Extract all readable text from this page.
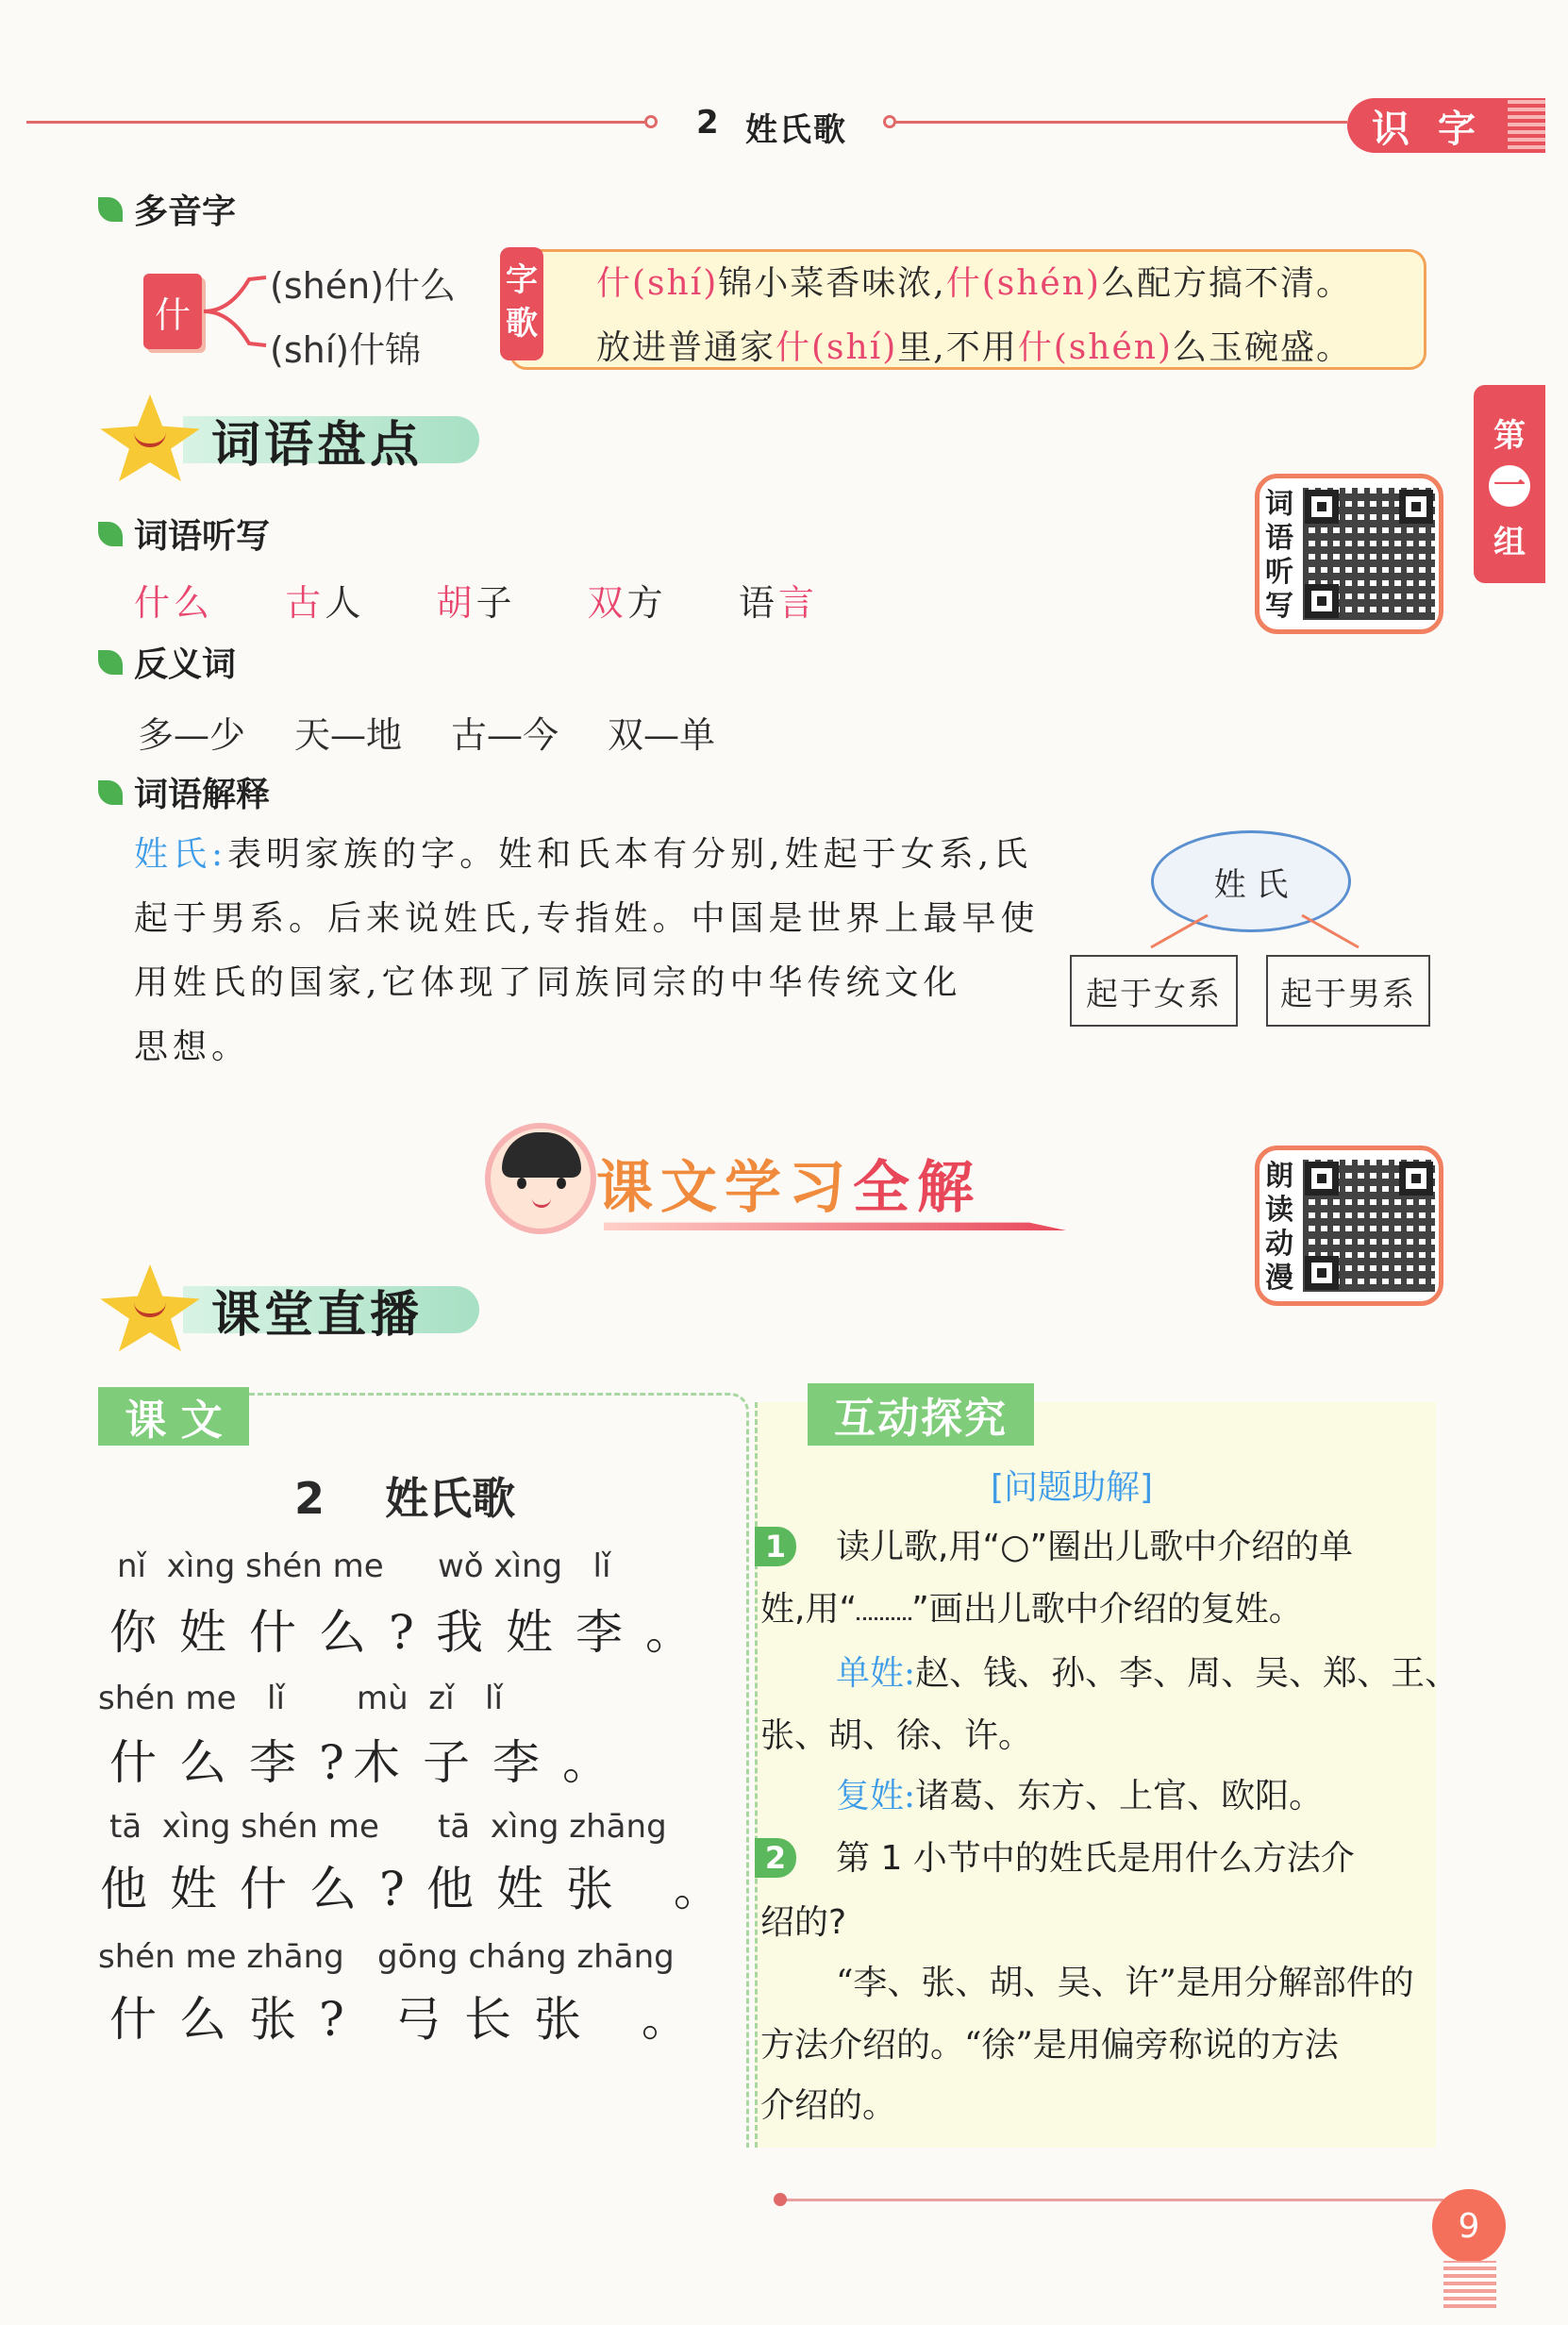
2 姓氏歌	识 字
第
一
组
多音字
什
(shén)什么
(shí)什锦
字歌
什(shí)锦小菜香味浓,什(shén)么配方搞不清。
放进普通家什(shí)里,不用什(shén)么玉碗盛。
词语盘点
词语听写
词语听写
什么 古人 胡子 双方 语言
反义词
多—少 天—地 古—今 双—单
词语解释
姓氏:表明家族的字。姓和氏本有分别,姓起于女系,氏
起于男系。后来说姓氏,专指姓。中国是世界上最早使
用姓氏的国家,它体现了同族同宗的中华传统文化
思想。
姓 氏
起于女系	起于男系
课文学习 全解	朗读动漫
课堂直播
课 文
2    姓氏歌
nǐ  xìng shén me wǒ xìng   lǐ
你姓什么? 我姓李。
shén me   lǐ mù  zǐ   lǐ
什么李?
木子李。
tā  xìng shén me tā  xìng zhāng
他姓什么? 他姓张 。
shén me zhāng gōng cháng zhāng
什么张? 弓长张 。
互动探究
[问题助解]
1	读儿歌,用“○”圈出儿歌中介绍的单
姓,用“ ”画出儿歌中介绍的复姓。
单姓:赵、钱、孙、李、周、吴、郑、王、
张、胡、徐、许。
复姓:诸葛、东方、上官、欧阳。
2	第 1 小节中的姓氏是用什么方法介
绍的?
“李、张、胡、吴、许”是用分解部件的
方法介绍的。“徐”是用偏旁称说的方法
介绍的。
9
